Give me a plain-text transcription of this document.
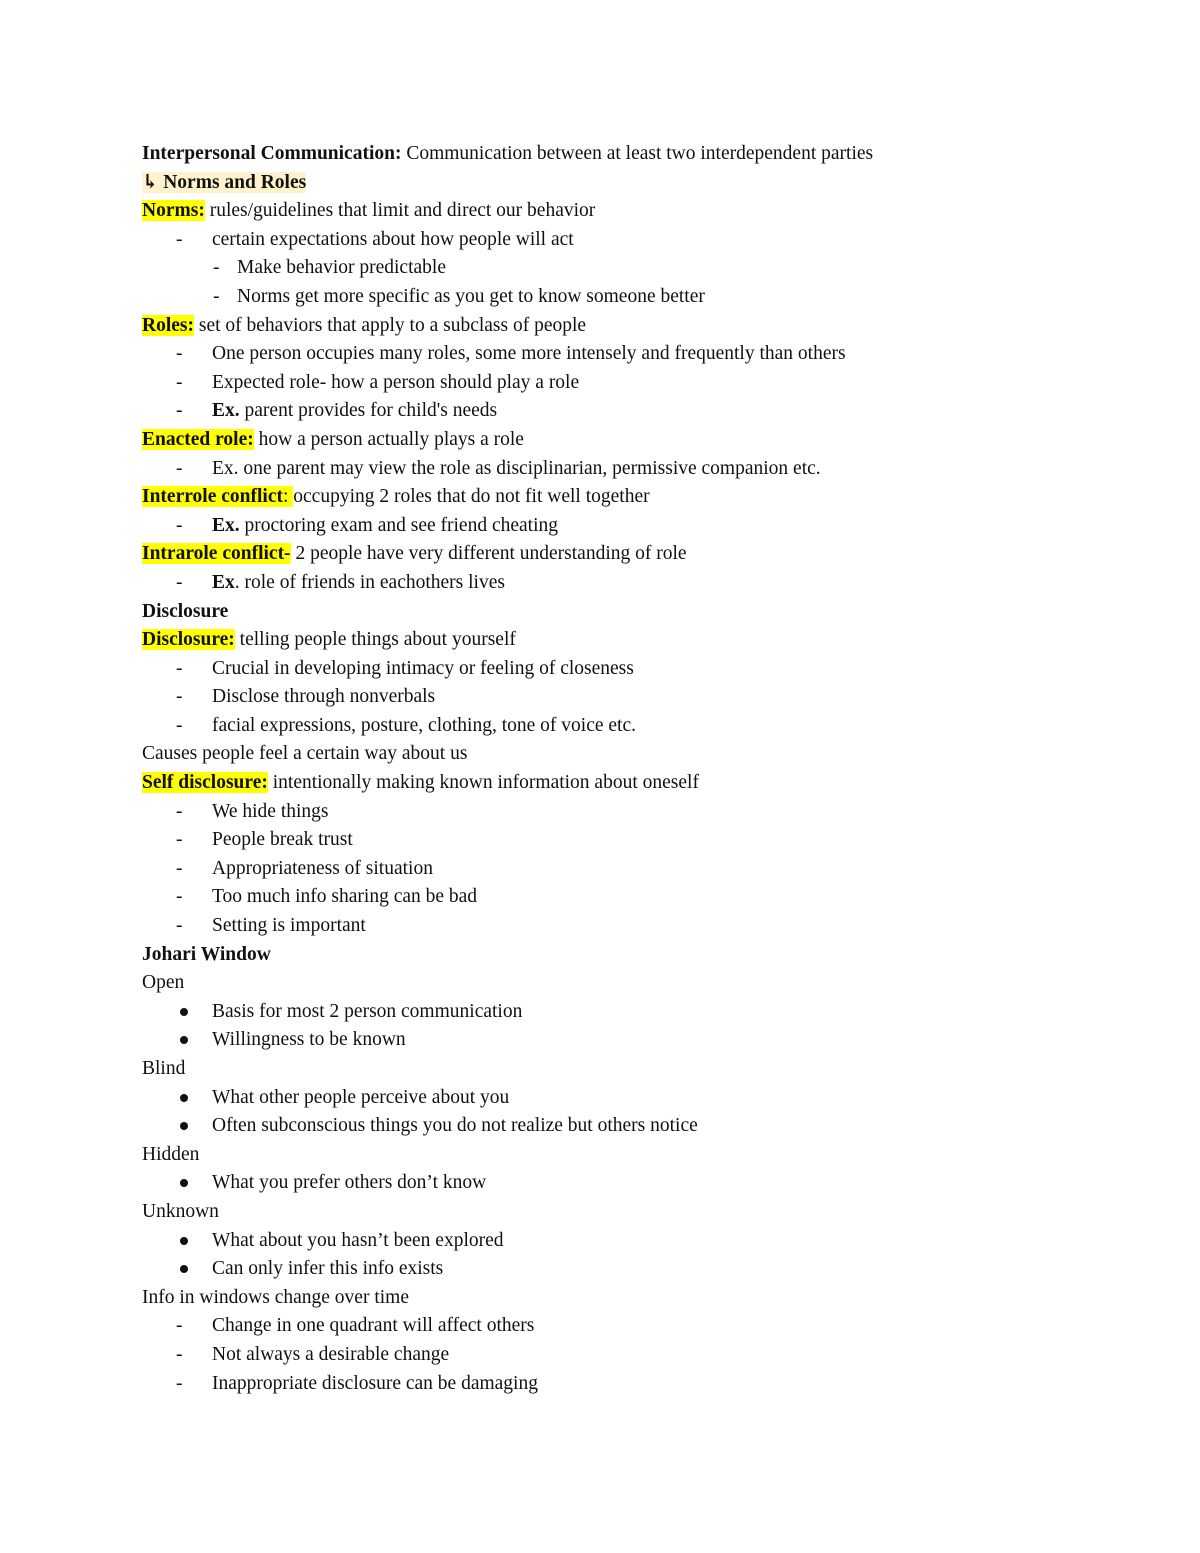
Interpersonal Communication: Communication between at least two interdependent parties
↳ Norms and Roles
Norms: rules/guidelines that limit and direct our behavior
- certain expectations about how people will act
- Make behavior predictable
- Norms get more specific as you get to know someone better
Roles: set of behaviors that apply to a subclass of people
- One person occupies many roles, some more intensely and frequently than others
- Expected role- how a person should play a role
- Ex. parent provides for child's needs
Enacted role: how a person actually plays a role
- Ex. one parent may view the role as disciplinarian, permissive companion etc.
Interrole conflict: occupying 2 roles that do not fit well together
- Ex. proctoring exam and see friend cheating
Intrarole conflict- 2 people have very different understanding of role
- Ex. role of friends in eachothers lives
Disclosure
Disclosure: telling people things about yourself
- Crucial in developing intimacy or feeling of closeness
- Disclose through nonverbals
- facial expressions, posture, clothing, tone of voice etc.
Causes people feel a certain way about us
Self disclosure: intentionally making known information about oneself
- We hide things
- People break trust
- Appropriateness of situation
- Too much info sharing can be bad
- Setting is important
Johari Window
Open
Basis for most 2 person communication
Willingness to be known
Blind
What other people perceive about you
Often subconscious things you do not realize but others notice
Hidden
What you prefer others don’t know
Unknown
What about you hasn’t been explored
Can only infer this info exists
Info in windows change over time
- Change in one quadrant will affect others
- Not always a desirable change
- Inappropriate disclosure can be damaging
